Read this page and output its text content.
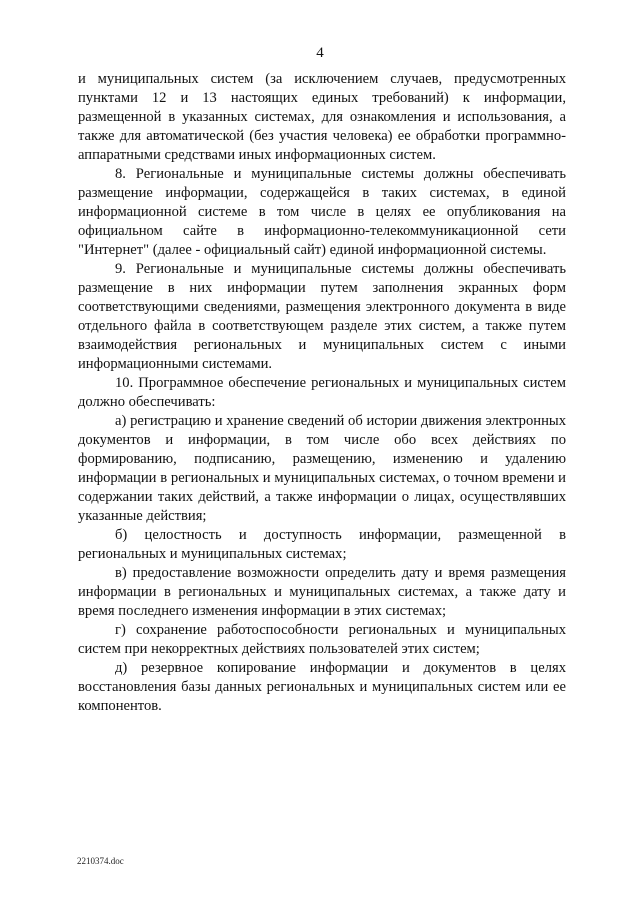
4

и муниципальных систем (за исключением случаев, предусмотренных пунктами 12 и 13 настоящих единых требований) к информации, размещенной в указанных системах, для ознакомления и использования, а также для автоматической (без участия человека) ее обработки программно-аппаратными средствами иных информационных систем.

8. Региональные и муниципальные системы должны обеспечивать размещение информации, содержащейся в таких системах, в единой информационной системе в том числе в целях ее опубликования на официальном сайте в информационно-телекоммуникационной сети "Интернет" (далее - официальный сайт) единой информационной системы.

9. Региональные и муниципальные системы должны обеспечивать размещение в них информации путем заполнения экранных форм соответствующими сведениями, размещения электронного документа в виде отдельного файла в соответствующем разделе этих систем, а также путем взаимодействия региональных и муниципальных систем с иными информационными системами.

10. Программное обеспечение региональных и муниципальных систем должно обеспечивать:

а) регистрацию и хранение сведений об истории движения электронных документов и информации, в том числе обо всех действиях по формированию, подписанию, размещению, изменению и удалению информации в региональных и муниципальных системах, о точном времени и содержании таких действий, а также информации о лицах, осуществлявших указанные действия;

б) целостность и доступность информации, размещенной в региональных и муниципальных системах;

в) предоставление возможности определить дату и время размещения информации в региональных и муниципальных системах, а также дату и время последнего изменения информации в этих системах;

г) сохранение работоспособности региональных и муниципальных систем при некорректных действиях пользователей этих систем;

д) резервное копирование информации и документов в целях восстановления базы данных региональных и муниципальных систем или ее компонентов.

2210374.doc
